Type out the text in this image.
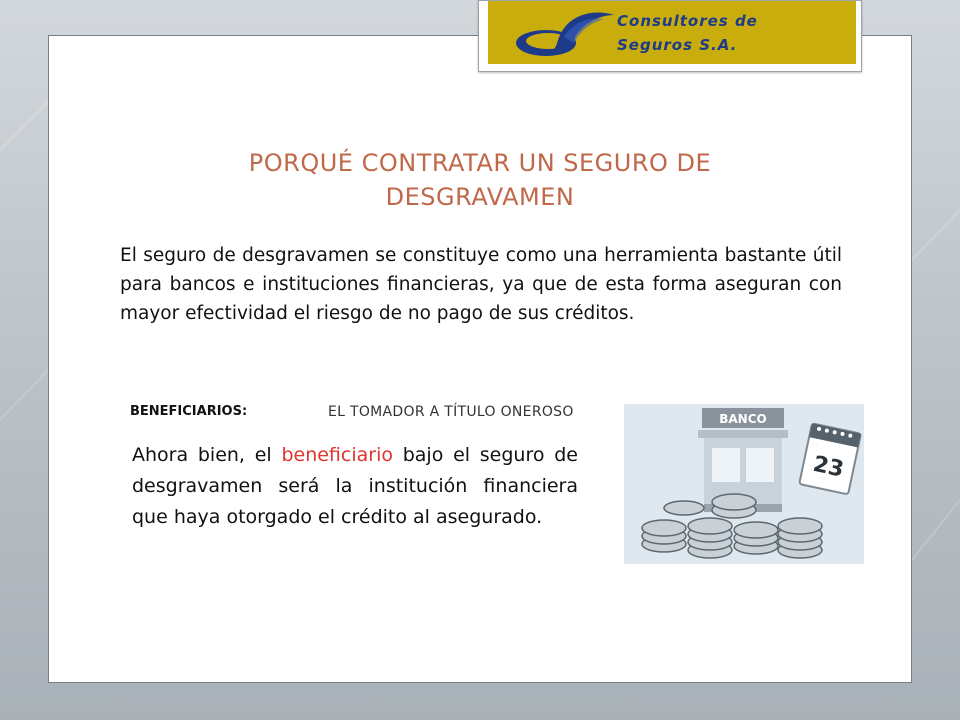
Consultores de
Seguros S.A.
PORQUÉ CONTRATAR UN SEGURO DE
DESGRAVAMEN
El seguro de desgravamen se constituye como una herramienta bastante útil para bancos e instituciones financieras, ya que de esta forma aseguran con mayor efectividad el riesgo de no pago de sus créditos.
BENEFICIARIOS:	EL TOMADOR A TÍTULO ONEROSO
Ahora bien, el beneficiario bajo el seguro de desgravamen será la institución financiera que haya otorgado el crédito al asegurado.
BANCO
23
